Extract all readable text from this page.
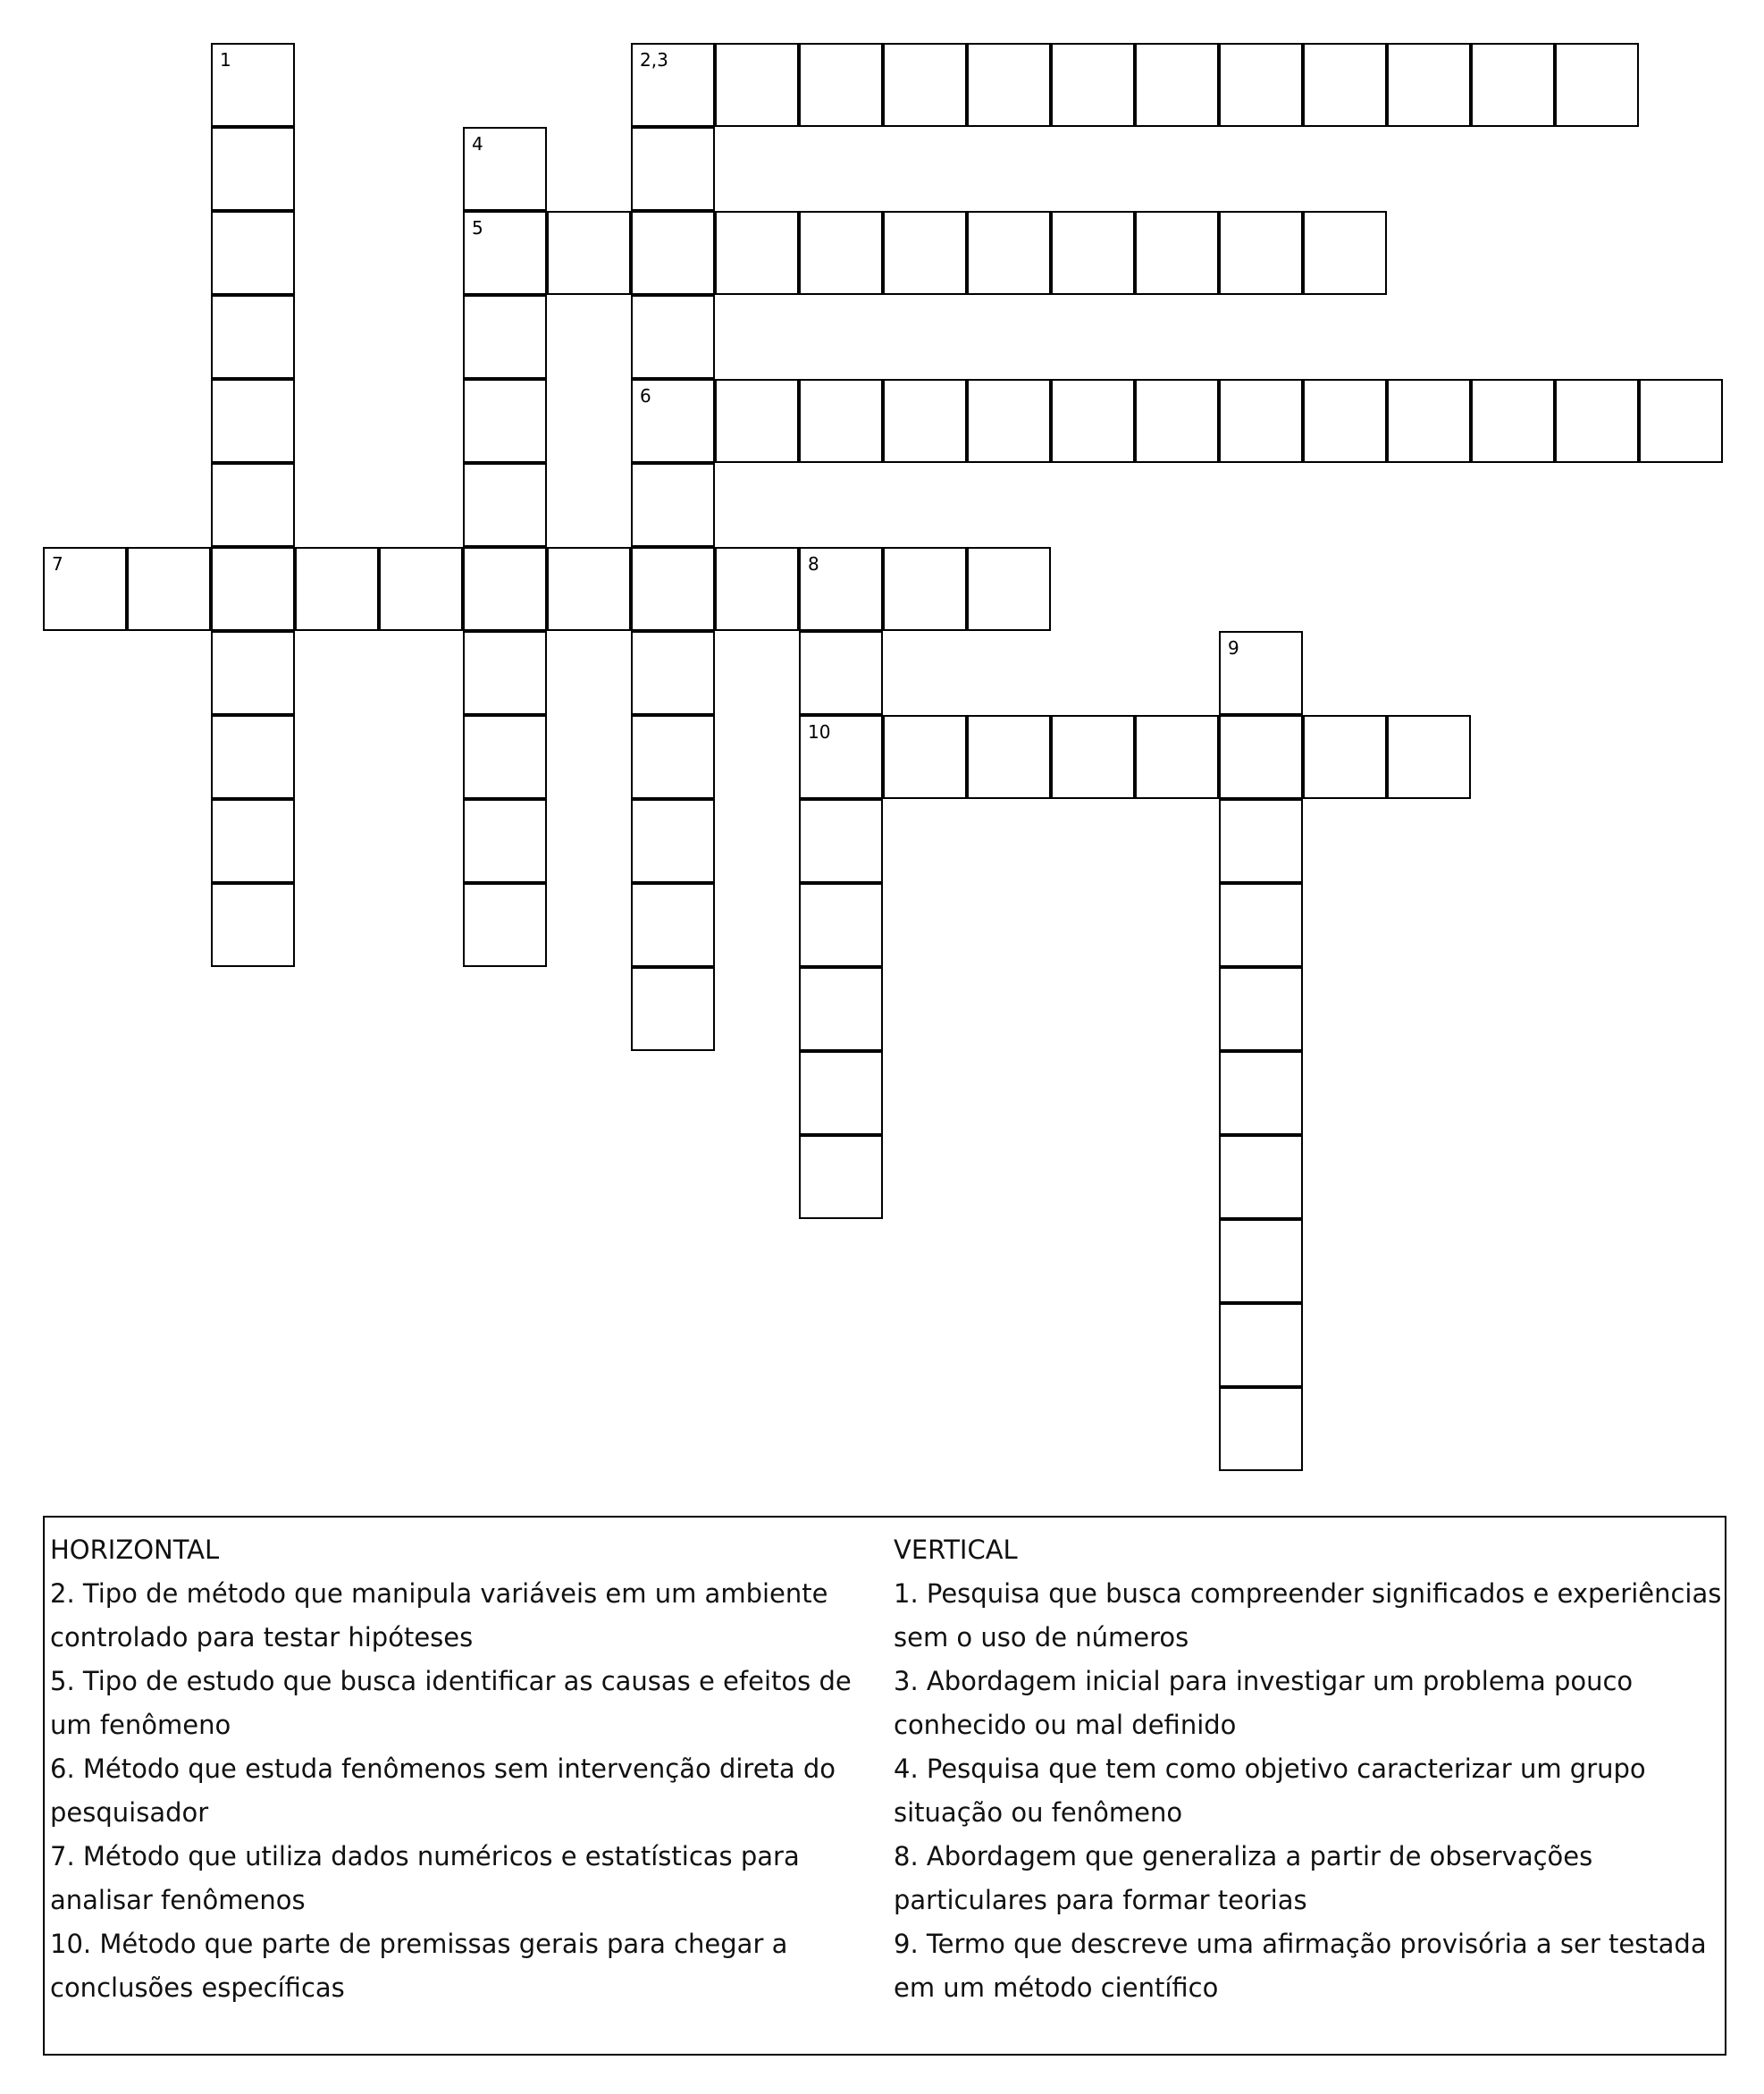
1	2,3
4
5
6
7	8
9
10

HORIZONTAL

2. Tipo de método que manipula variáveis em um ambiente controlado para testar hipóteses

5. Tipo de estudo que busca identificar as causas e efeitos de um fenômeno

6. Método que estuda fenômenos sem intervenção direta do pesquisador

7. Método que utiliza dados numéricos e estatísticas para analisar fenômenos

10. Método que parte de premissas gerais para chegar a conclusões específicas

VERTICAL

1. Pesquisa que busca compreender significados e experiências sem o uso de números

3. Abordagem inicial para investigar um problema pouco conhecido ou mal definido

4. Pesquisa que tem como objetivo caracterizar um grupo situação ou fenômeno

8. Abordagem que generaliza a partir de observações particulares para formar teorias

9. Termo que descreve uma afirmação provisória a ser testada em um método científico
